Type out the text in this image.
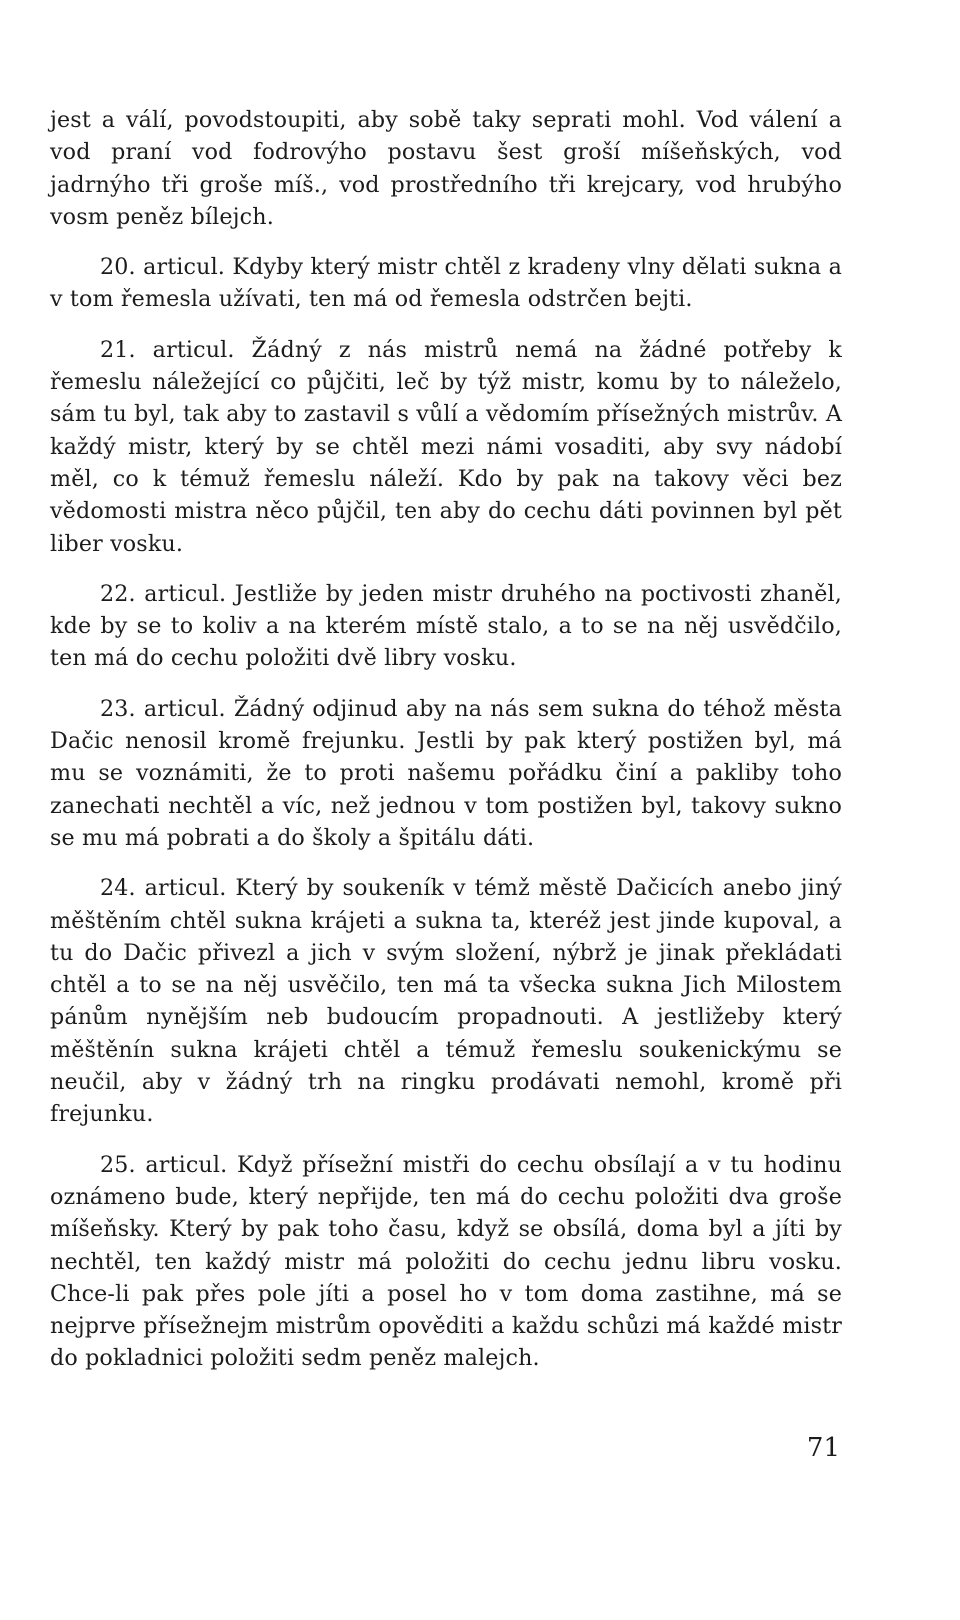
jest a válí, povodstoupiti, aby sobě taky seprati mohl. Vod válení a vod praní vod fodrovýho postavu šest groší míšeňských, vod jadrnýho tři groše míš., vod prostředního tři krejcary, vod hrubýho vosm peněz bílejch.

20. articul. Kdyby který mistr chtěl z kradeny vlny dělati sukna a v tom řemesla užívati, ten má od řemesla odstrčen bejti.

21. articul. Žádný z nás mistrů nemá na žádné potřeby k řemeslu náležející co půjčiti, leč by týž mistr, komu by to náleželo, sám tu byl, tak aby to zastavil s vůlí a vědomím přísežných mistrův. A každý mistr, který by se chtěl mezi námi vosaditi, aby svy nádobí měl, co k témuž řemeslu náleží. Kdo by pak na takovy věci bez vědomosti mistra něco půjčil, ten aby do cechu dáti povinnen byl pět liber vosku.

22. articul. Jestliže by jeden mistr druhého na poctivosti zhaněl, kde by se to koliv a na kterém místě stalo, a to se na něj usvědčilo, ten má do cechu položiti dvě libry vosku.

23. articul. Žádný odjinud aby na nás sem sukna do téhož města Dačic nenosil kromě frejunku. Jestli by pak který postižen byl, má mu se voznámiti, že to proti našemu pořádku činí a pakliby toho zanechati nechtěl a víc, než jednou v tom postižen byl, takovy sukno se mu má pobrati a do školy a špitálu dáti.

24. articul. Který by soukeník v témž městě Dačicích anebo jiný měštěním chtěl sukna krájeti a sukna ta, kteréž jest jinde kupoval, a tu do Dačic přivezl a jich v svým složení, nýbrž je jinak překládati chtěl a to se na něj usvěčilo, ten má ta všecka sukna Jich Milostem pánům nynějším neb budoucím propadnouti. A jestližeby který měštěnín sukna krájeti chtěl a témuž řemeslu soukenickýmu se neučil, aby v žádný trh na ringku prodávati nemohl, kromě při frejunku.

25. articul. Když přísežní mistři do cechu obsílají a v tu hodinu oznámeno bude, který nepřijde, ten má do cechu položiti dva groše míšeňsky. Který by pak toho času, když se obsílá, doma byl a jíti by nechtěl, ten každý mistr má položiti do cechu jednu libru vosku. Chce-li pak přes pole jíti a posel ho v tom doma zastihne, má se nejprve přísežnejm mistrům opověditi a každu schůzi má každé mistr do pokladnici položiti sedm peněz malejch.

71
